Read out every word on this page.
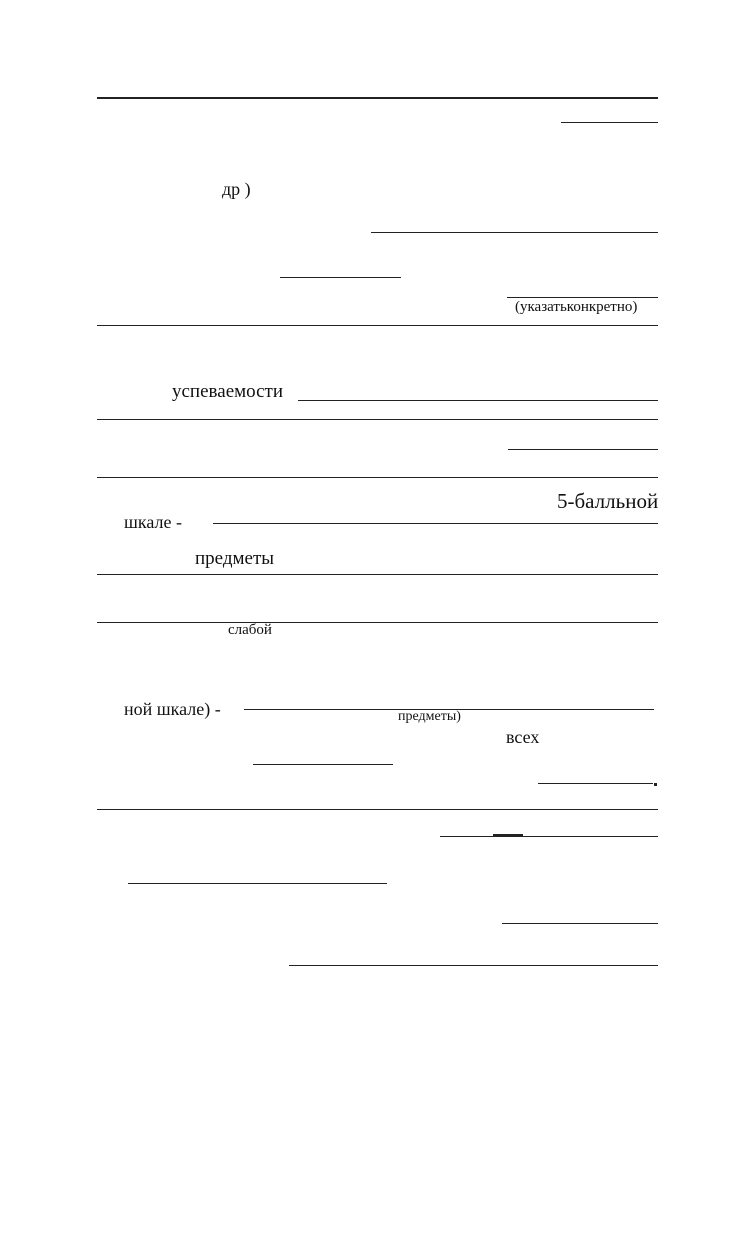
др )
(указатьконкретно)
успеваемости
5-балльной
шкале -
предметы
слабой
ной шкале) -	предметы)
всех
